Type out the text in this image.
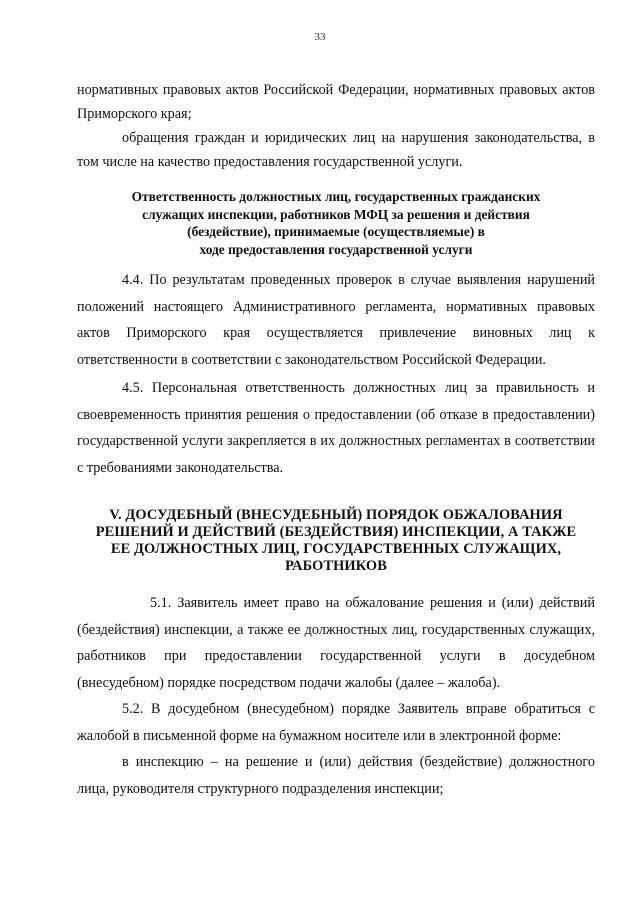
33

нормативных правовых актов Российской Федерации, нормативных правовых актов Приморского края;

обращения граждан и юридических лиц на нарушения законодательства, в том числе на качество предоставления государственной услуги.

Ответственность должностных лиц, государственных гражданских
служащих инспекции, работников МФЦ за решения и действия
(бездействие), принимаемые (осуществляемые) в
ходе предоставления государственной услуги

4.4. По результатам проведенных проверок в случае выявления нарушений положений настоящего Административного регламента, нормативных правовых актов Приморского края осуществляется привлечение виновных лиц к ответственности в соответствии с законодательством Российской Федерации.

4.5. Персональная ответственность должностных лиц за правильность и своевременность принятия решения о предоставлении (об отказе в предоставлении) государственной услуги закрепляется в их должностных регламентах в соответствии с требованиями законодательства.

V. ДОСУДЕБНЫЙ (ВНЕСУДЕБНЫЙ) ПОРЯДОК ОБЖАЛОВАНИЯ
РЕШЕНИЙ И ДЕЙСТВИЙ (БЕЗДЕЙСТВИЯ) ИНСПЕКЦИИ, А ТАКЖЕ
ЕЕ ДОЛЖНОСТНЫХ ЛИЦ, ГОСУДАРСТВЕННЫХ СЛУЖАЩИХ,
РАБОТНИКОВ

5.1. Заявитель имеет право на обжалование решения и (или) действий (бездействия) инспекции, а также ее должностных лиц, государственных служащих, работников при предоставлении государственной услуги в досудебном (внесудебном) порядке посредством подачи жалобы (далее – жалоба).

5.2. В досудебном (внесудебном) порядке Заявитель вправе обратиться с жалобой в письменной форме на бумажном носителе или в электронной форме:

в инспекцию – на решение и (или) действия (бездействие) должностного лица, руководителя структурного подразделения инспекции;
